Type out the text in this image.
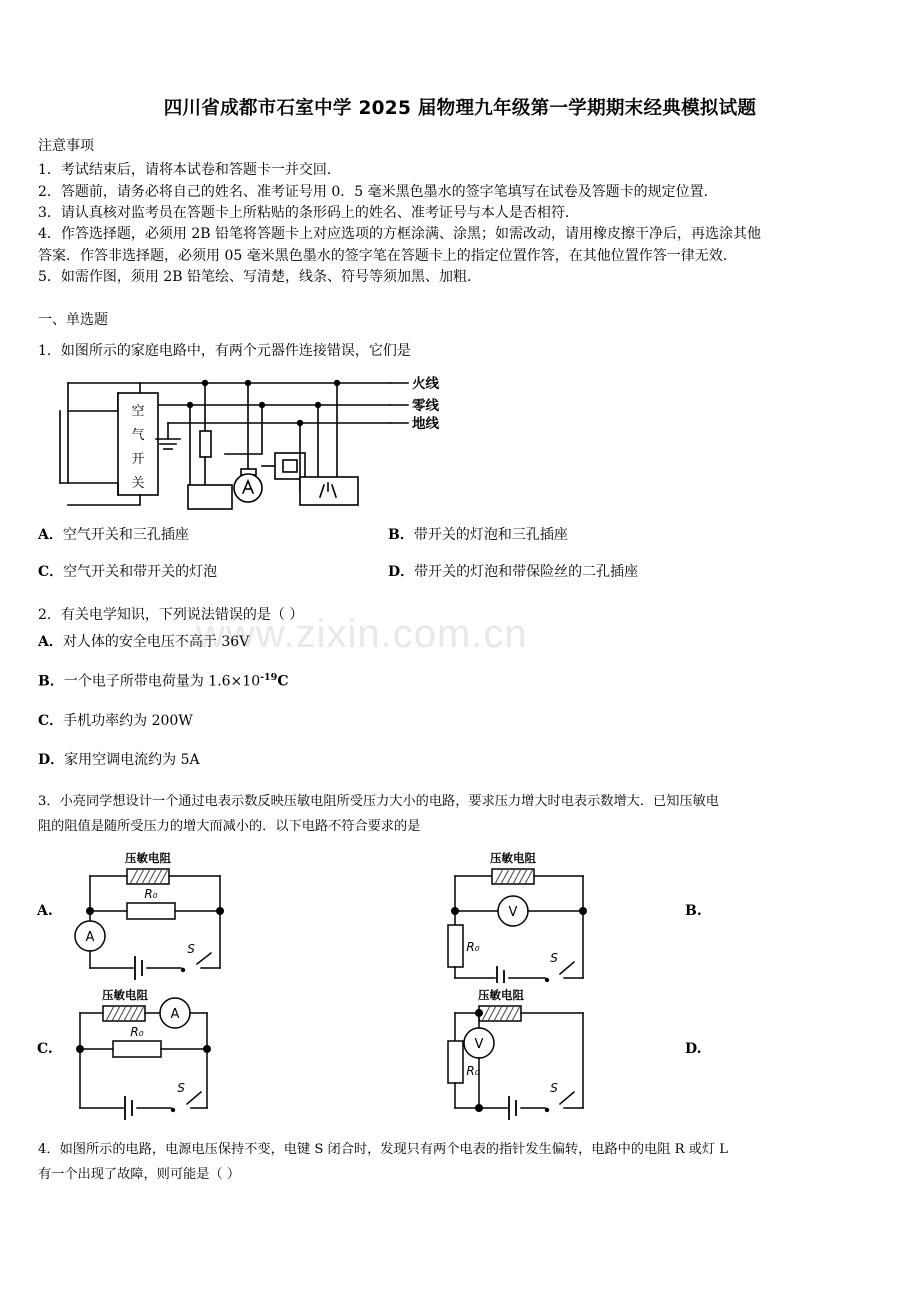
www.zixin.com.cn
四川省成都市石室中学 2025 届物理九年级第一学期期末经典模拟试题
注意事项
1．考试结束后，请将本试卷和答题卡一并交回.
2．答题前，请务必将自己的姓名、准考证号用 0．5 毫米黑色墨水的签字笔填写在试卷及答题卡的规定位置.
3．请认真核对监考员在答题卡上所粘贴的条形码上的姓名、准考证号与本人是否相符.
4．作答选择题，必须用 2B 铅笔将答题卡上对应选项的方框涂满、涂黑；如需改动，请用橡皮擦干净后，再选涂其他
答案．作答非选择题，必须用 05 毫米黑色墨水的签字笔在答题卡上的指定位置作答，在其他位置作答一律无效.
5．如需作图，须用 2B 铅笔绘、写清楚，线条、符号等须加黑、加粗.
一、单选题
1．如图所示的家庭电路中，有两个元器件连接错误，它们是
空
气
开
关
火线
零线
地线
A．空气开关和三孔插座	B．带开关的灯泡和三孔插座
C．空气开关和带开关的灯泡	D．带开关的灯泡和带保险丝的二孔插座
2．有关电学知识，下列说法错误的是（ ）
A．对人体的安全电压不高于 36V
B．一个电子所带电荷量为 $1.6\times 10^{-19}C$
C．手机功率约为 200W
D．家用空调电流约为 5A
3．小亮同学想设计一个通过电表示数反映压敏电阻所受压力大小的电路，要求压力增大时电表示数增大．已知压敏电
阻的阻值是随所受压力的增大而减小的．以下电路不符合要求的是
压敏电阻
R₀
A
S
A.
压敏电阻
R₀
V
S
B.
压敏电阻
R₀
A
S
C.
压敏电阻
R₀
V
S
D.
4．如图所示的电路，电源电压保持不变，电键 S 闭合时，发现只有两个电表的指针发生偏转，电路中的电阻 R 或灯 L
有一个出现了故障，则可能是（ ）
